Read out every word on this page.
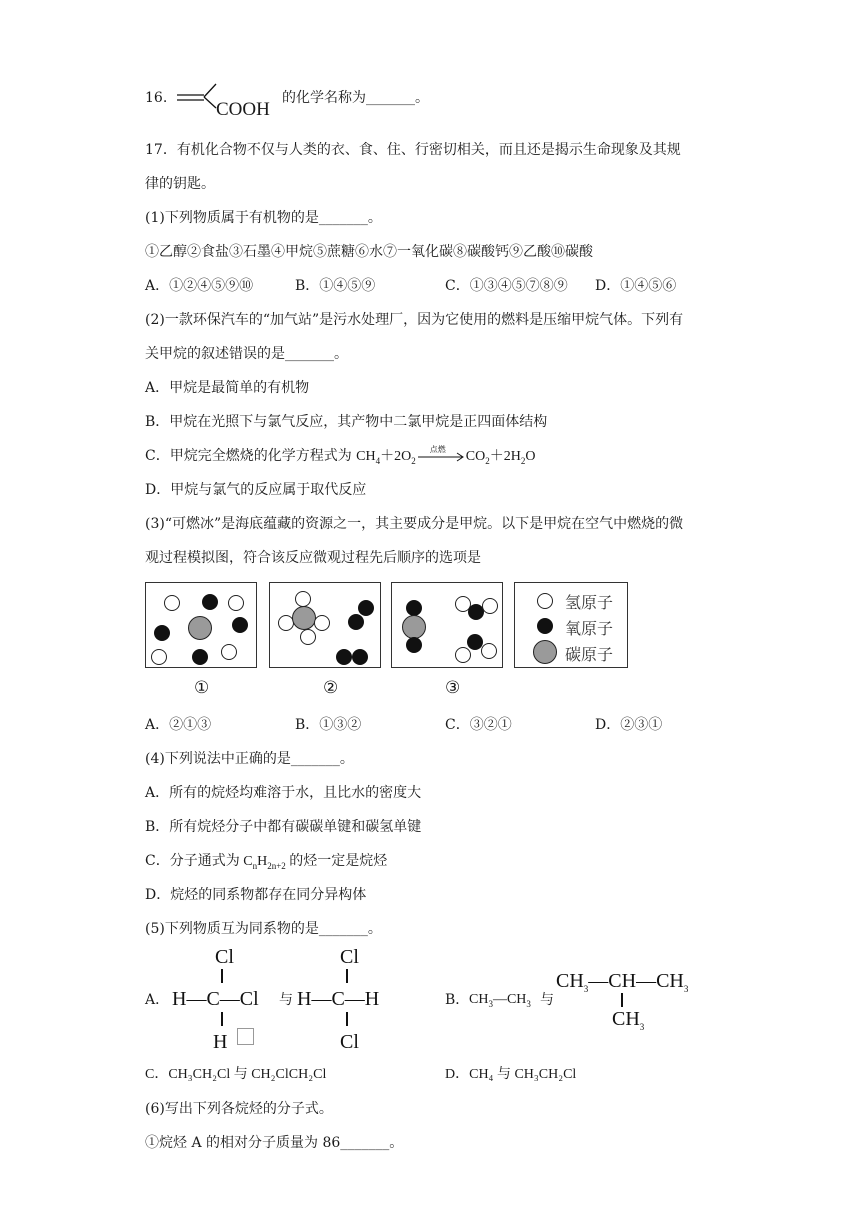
16.
COOH
的化学名称为_______。
17．有机化合物不仅与人类的衣、食、住、行密切相关，而且还是揭示生命现象及其规
律的钥匙。
(1)下列物质属于有机物的是_______。
①乙醇②食盐③石墨④甲烷⑤蔗糖⑥水⑦一氧化碳⑧碳酸钙⑨乙酸⑩碳酸
A．①②④⑤⑨⑩	B．①④⑤⑨	C．①③④⑤⑦⑧⑨ D．①④⑤⑥
(2)一款环保汽车的“加气站”是污水处理厂，因为它使用的燃料是压缩甲烷气体。下列有
关甲烷的叙述错误的是_______。
A．甲烷是最简单的有机物
B．甲烷在光照下与氯气反应，其产物中二氯甲烷是正四面体结构
C．甲烷完全燃烧的化学方程式为 $CH_4+2O_2$
点燃 $CO_2+2H_2O$
D．甲烷与氯气的反应属于取代反应
(3)“可燃冰”是海底蕴藏的资源之一，其主要成分是甲烷。以下是甲烷在空气中燃烧的微
观过程模拟图，符合该反应微观过程先后顺序的选项是
氢原子
氧原子
碳原子
①	②	③
A．②①③	B．①③②	C．③②①	D．②③①
(4)下列说法中正确的是_______。
A．所有的烷烃均难溶于水，且比水的密度大
B．所有烷烃分子中都有碳碳单键和碳氢单键
C．分子通式为 $C_nH_{2n+2}$ 的烃一定是烷烃
D．烷烃的同系物都存在同分异构体
(5)下列物质互为同系物的是_______。
A．
Cl
H—C—Cl
H
与
Cl
H—C—H
Cl
B． $CH_3—CH_3$ 与
$CH_3—CH—CH_3$
$CH_3$
C．CH₃CH₂Cl 与 CH₂ClCH₂Cl	D．CH₄ 与 CH₃CH₂Cl
(6)写出下列各烷烃的分子式。
①烷烃 A 的相对分子质量为 86_______。
